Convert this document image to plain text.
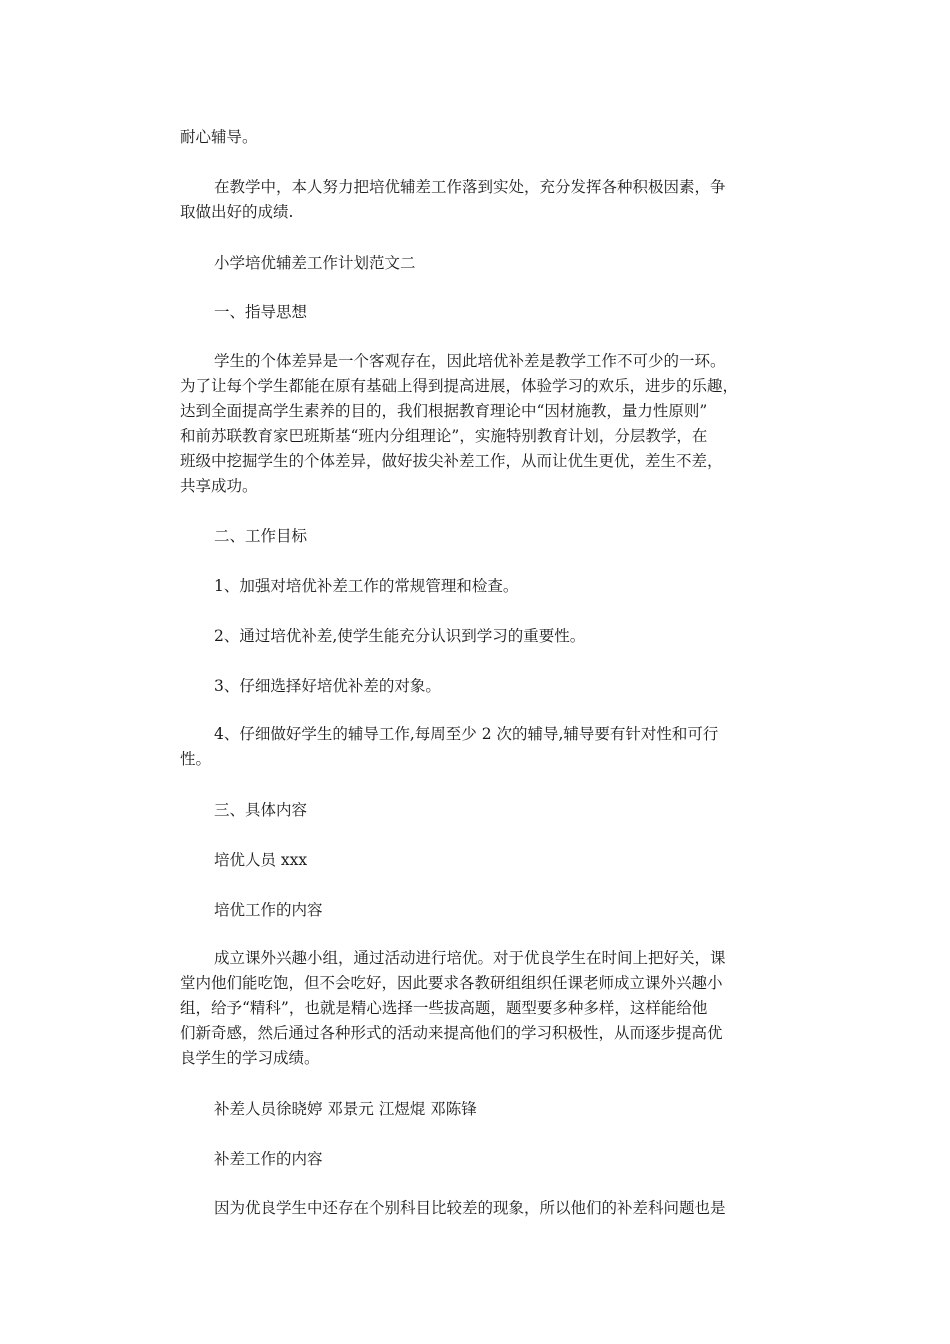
耐心辅导。

在教学中，本人努力把培优辅差工作落到实处，充分发挥各种积极因素，争
取做出好的成绩.

小学培优辅差工作计划范文二

一、指导思想

学生的个体差异是一个客观存在，因此培优补差是教学工作不可少的一环。
为了让每个学生都能在原有基础上得到提高进展，体验学习的欢乐，进步的乐趣，
达到全面提高学生素养的目的，我们根据教育理论中“因材施教，量力性原则”
和前苏联教育家巴班斯基“班内分组理论”，实施特别教育计划，分层教学，在
班级中挖掘学生的个体差异，做好拔尖补差工作，从而让优生更优，差生不差，
共享成功。

二、工作目标

1、加强对培优补差工作的常规管理和检查。

2、通过培优补差,使学生能充分认识到学习的重要性。

3、仔细选择好培优补差的对象。

4、仔细做好学生的辅导工作,每周至少 2 次的辅导,辅导要有针对性和可行
性。

三、具体内容

培优人员 xxx

培优工作的内容

成立课外兴趣小组，通过活动进行培优。对于优良学生在时间上把好关，课
堂内他们能吃饱，但不会吃好，因此要求各教研组组织任课老师成立课外兴趣小
组，给予“精科”，也就是精心选择一些拔高题，题型要多种多样，这样能给他
们新奇感，然后通过各种形式的活动来提高他们的学习积极性，从而逐步提高优
良学生的学习成绩。

补差人员徐晓婷 邓景元 江煜焜 邓陈锋

补差工作的内容

因为优良学生中还存在个别科目比较差的现象，所以他们的补差科问题也是
